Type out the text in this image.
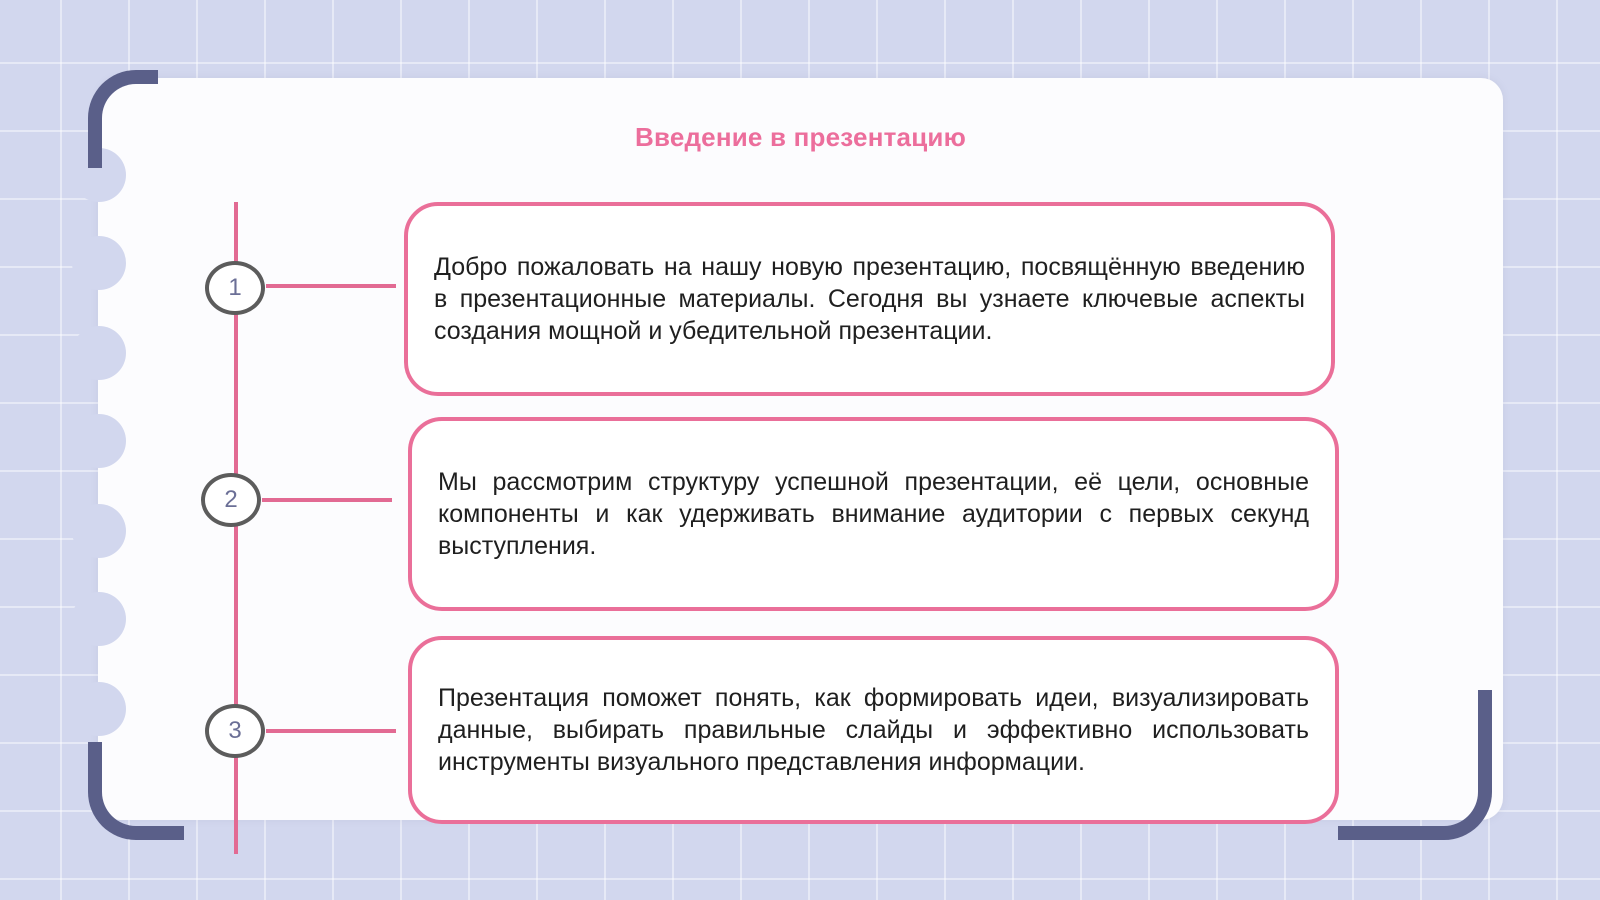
Введение в презентацию
1
2
3

Добро пожаловать на нашу новую презентацию, посвящённую введению в презентационные материалы. Сегодня вы узнаете ключевые аспекты создания мощной и убедительной презентации.

Мы рассмотрим структуру успешной презентации, её цели, основные компоненты и как удерживать внимание аудитории с первых секунд выступления.

Презентация поможет понять, как формировать идеи, визуализировать данные, выбирать правильные слайды и эффективно использовать инструменты визуального представления информации.
